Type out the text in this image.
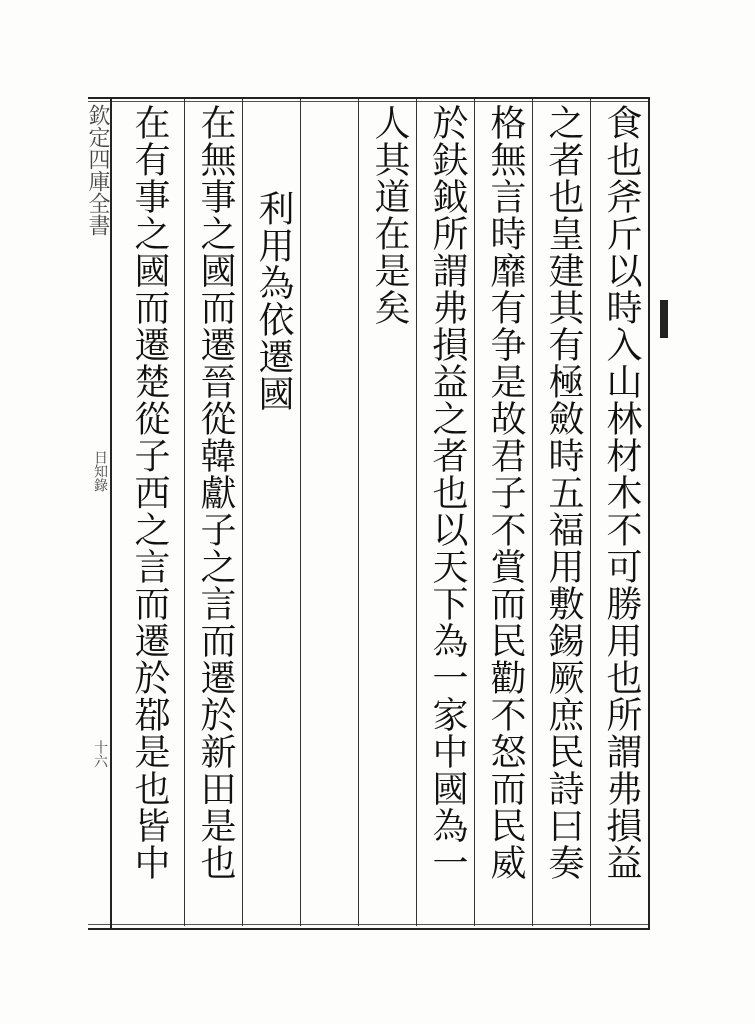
食也斧斤以時入山林材木不可勝用也所謂弗損益
之者也皇建其有極斂時五福用敷錫厥庶民詩曰奏
格無言時靡有争是故君子不賞而民勸不怒而民威
於鈇鉞所謂弗損益之者也以天下為一家中國為一
人其道在是矣
利用為依遷國
在無事之國而遷晉從韓獻子之言而遷於新田是也
在有事之國而遷楚從子西之言而遷於鄀是也皆中
欽定四庫全書
日知錄
十六
